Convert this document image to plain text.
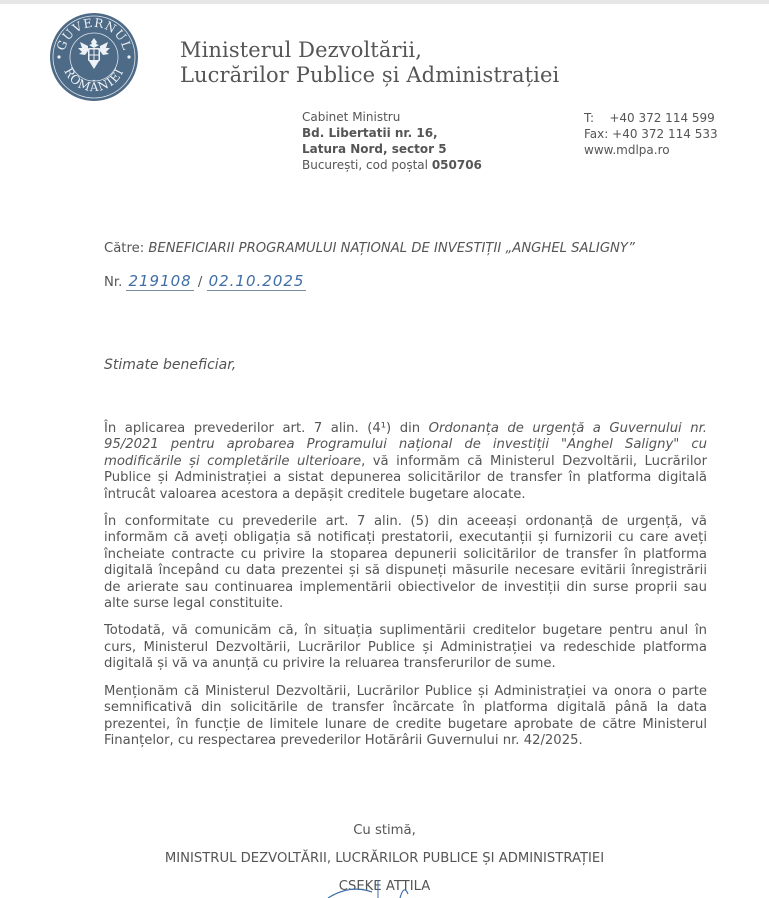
GUVERNUL
ROMÂNIEI
Ministerul Dezvoltării,
Lucrărilor Publice și Administrației
Cabinet Ministru
Bd. Libertatii nr. 16,
Latura Nord, sector 5
București, cod poștal 050706
T: +40 372 114 599
Fax: +40 372 114 533
www.mdlpa.ro
Către: BENEFICIARII PROGRAMULUI NAȚIONAL DE INVESTIȚII „ANGHEL SALIGNY”
Nr. 219108 / 02.10.2025
Stimate beneficiar,

În aplicarea prevederilor art. 7 alin. (4¹) din Ordonanța de urgență a Guvernului nr. 95/2021 pentru aprobarea Programului național de investiții "Anghel Saligny" cu modificările și completările ulterioare, vă informăm că Ministerul Dezvoltării, Lucrărilor Publice și Administrației a sistat depunerea solicitărilor de transfer în platforma digitală întrucât valoarea acestora a depășit creditele bugetare alocate.

În conformitate cu prevederile art. 7 alin. (5) din aceeași ordonanță de urgență, vă informăm că aveți obligația să notificați prestatorii, executanții și furnizorii cu care aveți încheiate contracte cu privire la stoparea depunerii solicitărilor de transfer în platforma digitală începând cu data prezentei și să dispuneți măsurile necesare evitării înregistrării de arierate sau continuarea implementării obiectivelor de investiții din surse proprii sau alte surse legal constituite.

Totodată, vă comunicăm că, în situația suplimentării creditelor bugetare pentru anul în curs, Ministerul Dezvoltării, Lucrărilor Publice și Administrației va redeschide platforma digitală și vă va anunță cu privire la reluarea transferurilor de sume.

Menționăm că Ministerul Dezvoltării, Lucrărilor Publice și Administrației va onora o parte semnificativă din solicitările de transfer încărcate în platforma digitală până la data prezentei, în funcție de limitele lunare de credite bugetare aprobate de către Ministerul Finanțelor, cu respectarea prevederilor Hotărârii Guvernului nr. 42/2025.

Cu stimă,
MINISTRUL DEZVOLTĂRII, LUCRĂRILOR PUBLICE ȘI ADMINISTRAȚIEI
CSEKE ATTILA
